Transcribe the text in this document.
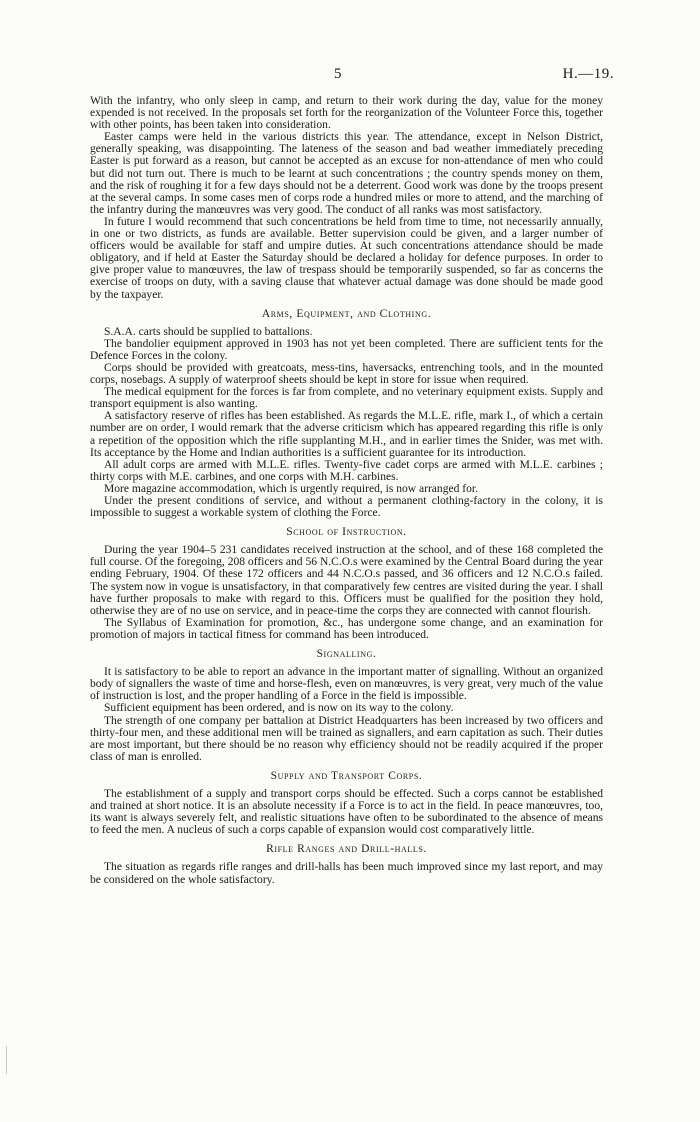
5	H.—19.

With the infantry, who only sleep in camp, and return to their work during the day, value for the money expended is not received. In the proposals set forth for the reorganization of the Volunteer Force this, together with other points, has been taken into consideration.

Easter camps were held in the various districts this year. The attendance, except in Nelson District, generally speaking, was disappointing. The lateness of the season and bad weather immediately preceding Easter is put forward as a reason, but cannot be accepted as an excuse for non-attendance of men who could but did not turn out. There is much to be learnt at such concentrations ; the country spends money on them, and the risk of roughing it for a few days should not be a deterrent. Good work was done by the troops present at the several camps. In some cases men of corps rode a hundred miles or more to attend, and the marching of the infantry during the manœuvres was very good. The conduct of all ranks was most satisfactory.

In future I would recommend that such concentrations be held from time to time, not necessarily annually, in one or two districts, as funds are available. Better supervision could be given, and a larger number of officers would be available for staff and umpire duties. At such concentrations attendance should be made obligatory, and if held at Easter the Saturday should be declared a holiday for defence purposes. In order to give proper value to manœuvres, the law of trespass should be temporarily suspended, so far as concerns the exercise of troops on duty, with a saving clause that whatever actual damage was done should be made good by the taxpayer.

Arms, Equipment, and Clothing.

S.A.A. carts should be supplied to battalions.

The bandolier equipment approved in 1903 has not yet been completed. There are sufficient tents for the Defence Forces in the colony.

Corps should be provided with greatcoats, mess-tins, haversacks, entrenching tools, and in the mounted corps, nosebags. A supply of waterproof sheets should be kept in store for issue when required.

The medical equipment for the forces is far from complete, and no veterinary equipment exists. Supply and transport equipment is also wanting.

A satisfactory reserve of rifles has been established. As regards the M.L.E. rifle, mark I., of which a certain number are on order, I would remark that the adverse criticism which has appeared regarding this rifle is only a repetition of the opposition which the rifle supplanting M.H., and in earlier times the Snider, was met with. Its acceptance by the Home and Indian authorities is a sufficient guarantee for its introduction.

All adult corps are armed with M.L.E. rifles. Twenty-five cadet corps are armed with M.L.E. carbines ; thirty corps with M.E. carbines, and one corps with M.H. carbines.

More magazine accommodation, which is urgently required, is now arranged for.

Under the present conditions of service, and without a permanent clothing-factory in the colony, it is impossible to suggest a workable system of clothing the Force.

School of Instruction.

During the year 1904–5 231 candidates received instruction at the school, and of these 168 completed the full course. Of the foregoing, 208 officers and 56 N.C.O.s were examined by the Central Board during the year ending February, 1904. Of these 172 officers and 44 N.C.O.s passed, and 36 officers and 12 N.C.O.s failed. The system now in vogue is unsatisfactory, in that comparatively few centres are visited during the year. I shall have further proposals to make with regard to this. Officers must be qualified for the position they hold, otherwise they are of no use on service, and in peace-time the corps they are connected with cannot flourish.

The Syllabus of Examination for promotion, &c., has undergone some change, and an examination for promotion of majors in tactical fitness for command has been introduced.

Signalling.

It is satisfactory to be able to report an advance in the important matter of signalling. Without an organized body of signallers the waste of time and horse-flesh, even on manœuvres, is very great, very much of the value of instruction is lost, and the proper handling of a Force in the field is impossible.

Sufficient equipment has been ordered, and is now on its way to the colony.

The strength of one company per battalion at District Headquarters has been increased by two officers and thirty-four men, and these additional men will be trained as signallers, and earn capitation as such. Their duties are most important, but there should be no reason why efficiency should not be readily acquired if the proper class of man is enrolled.

Supply and Transport Corps.

The establishment of a supply and transport corps should be effected. Such a corps cannot be established and trained at short notice. It is an absolute necessity if a Force is to act in the field. In peace manœuvres, too, its want is always severely felt, and realistic situations have often to be subordinated to the absence of means to feed the men. A nucleus of such a corps capable of expansion would cost comparatively little.

Rifle Ranges and Drill-halls.

The situation as regards rifle ranges and drill-halls has been much improved since my last report, and may be considered on the whole satisfactory.
